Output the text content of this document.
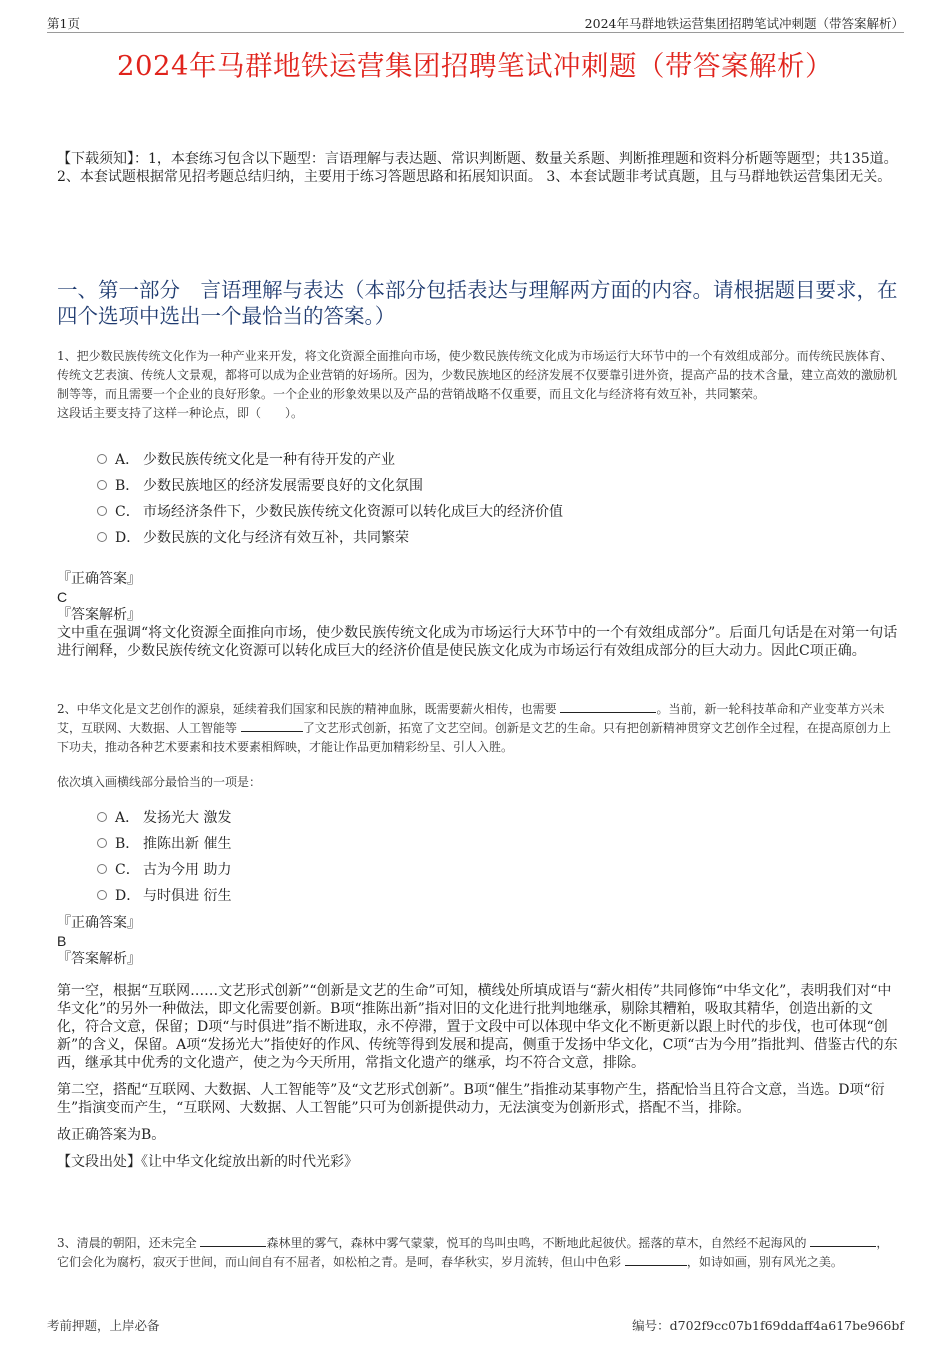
第1页	2024年马群地铁运营集团招聘笔试冲刺题（带答案解析）
2024年马群地铁运营集团招聘笔试冲刺题（带答案解析）
【下载须知】：1，本套练习包含以下题型：言语理解与表达题、常识判断题、数量关系题、判断推理题和资料分析题等题型；共135道。 2、本套试题根据常见招考题总结归纳，主要用于练习答题思路和拓展知识面。 3、本套试题非考试真题，且与马群地铁运营集团无关。
一、第一部分　言语理解与表达（本部分包括表达与理解两方面的内容。请根据题目要求，在四个选项中选出一个最恰当的答案。）
1、把少数民族传统文化作为一种产业来开发，将文化资源全面推向市场，使少数民族传统文化成为市场运行大环节中的一个有效组成部分。而传统民族体育、传统文艺表演、传统人文景观，都将可以成为企业营销的好场所。因为，少数民族地区的经济发展不仅要靠引进外资，提高产品的技术含量，建立高效的激励机制等等，而且需要一个企业的良好形象。一个企业的形象效果以及产品的营销战略不仅重要，而且文化与经济将有效互补，共同繁荣。
这段话主要支持了这样一种论点，即（　　）。
A． 少数民族传统文化是一种有待开发的产业
B． 少数民族地区的经济发展需要良好的文化氛围
C． 市场经济条件下，少数民族传统文化资源可以转化成巨大的经济价值
D． 少数民族的文化与经济有效互补，共同繁荣
『正确答案』
C
『答案解析』
文中重在强调“将文化资源全面推向市场，使少数民族传统文化成为市场运行大环节中的一个有效组成部分”。后面几句话是在对第一句话进行阐释，少数民族传统文化资源可以转化成巨大的经济价值是使民族文化成为市场运行有效组成部分的巨大动力。因此C项正确。
2、中华文化是文艺创作的源泉，延续着我们国家和民族的精神血脉，既需要薪火相传，也需要	。当前，新一轮科技革命和产业变革方兴未艾，互联网、大数据、人工智能等	了文艺形式创新，拓宽了文艺空间。创新是文艺的生命。只有把创新精神贯穿文艺创作全过程，在提高原创力上下功夫，推动各种艺术要素和技术要素相辉映，才能让作品更加精彩纷呈、引人入胜。
依次填入画横线部分最恰当的一项是：
A． 发扬光大 激发
B． 推陈出新 催生
C． 古为今用 助力
D． 与时俱进 衍生
『正确答案』
B
『答案解析』
第一空，根据“互联网……文艺形式创新”“创新是文艺的生命”可知，横线处所填成语与“薪火相传”共同修饰“中华文化”，表明我们对“中华文化”的另外一种做法，即文化需要创新。B项“推陈出新”指对旧的文化进行批判地继承，剔除其糟粕，吸取其精华，创造出新的文化，符合文意，保留；D项“与时俱进”指不断进取，永不停滞，置于文段中可以体现中华文化不断更新以跟上时代的步伐，也可体现“创新”的含义，保留。A项“发扬光大”指使好的作风、传统等得到发展和提高，侧重于发扬中华文化，C项“古为今用”指批判、借鉴古代的东西，继承其中优秀的文化遗产，使之为今天所用，常指文化遗产的继承，均不符合文意，排除。
第二空，搭配“互联网、大数据、人工智能等”及“文艺形式创新”。B项“催生”指推动某事物产生，搭配恰当且符合文意，当选。D项“衍生”指演变而产生，“互联网、大数据、人工智能”只可为创新提供动力，无法演变为创新形式，搭配不当，排除。
故正确答案为B。
【文段出处】《让中华文化绽放出新的时代光彩》
3、清晨的朝阳，还未完全	森林里的雾气，森林中雾气蒙蒙，悦耳的鸟叫虫鸣，不断地此起彼伏。摇落的草木，自然经不起海风的	，它们会化为腐朽，寂灭于世间，而山间自有不屈者，如松柏之青。是呵，春华秋实，岁月流转，但山中色彩	，如诗如画，别有风光之美。
考前押题，上岸必备	编号：d702f9cc07b1f69ddaff4a617be966bf
